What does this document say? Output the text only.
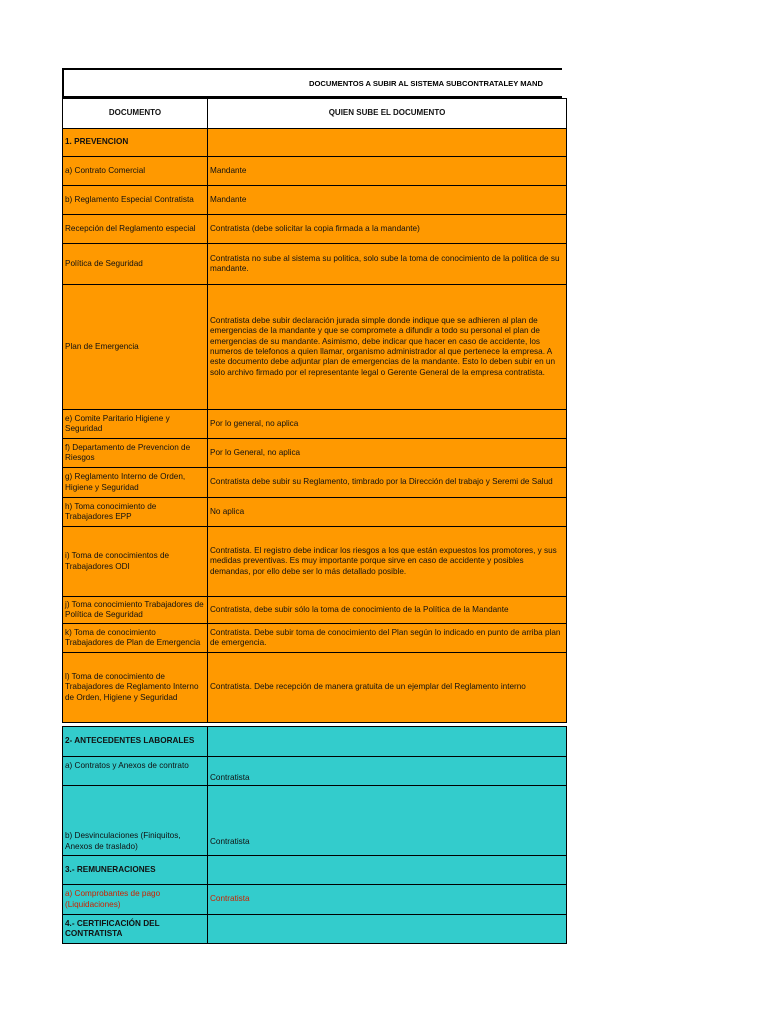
DOCUMENTOS A SUBIR AL SISTEMA SUBCONTRATALEY MAND
DOCUMENTO	QUIEN SUBE EL DOCUMENTO
1. PREVENCION	
a) Contrato Comercial	Mandante
b) Reglamento Especial Contratista	Mandante
Recepción del Reglamento especial	Contratista (debe solicitar la copia firmada a la mandante)
Política de Seguridad	Contratista no sube al sistema su politica, solo sube la toma de conocimiento de la politica de su mandante.
Plan de Emergencia	Contratista debe subir declaración jurada simple donde indique que se adhieren al plan de emergencias de la mandante y que se compromete a difundir a todo su personal el plan de emergencias de su mandante. Asimismo, debe indicar que hacer en caso de accidente, los numeros de telefonos a quien llamar, organismo administrador al que pertenece la empresa. A este documento debe adjuntar plan de emergencias de la mandante. Esto lo deben subir en un solo archivo firmado por el representante legal o Gerente General de la empresa contratista.
e) Comite Paritario Higiene y Seguridad	Por lo general, no aplica
f) Departamento de Prevencion de Riesgos	Por lo General, no aplica
g) Reglamento Interno de Orden, Higiene y Seguridad	Contratista debe subir su Reglamento, timbrado por la Dirección del trabajo y Seremi de Salud
h) Toma conocimiento de Trabajadores EPP	No aplica
i) Toma de conocimientos de Trabajadores ODI	Contratista. El registro debe indicar los riesgos a los que están expuestos los promotores, y sus medidas preventivas. Es muy importante porque sirve en caso de accidente y posibles demandas, por ello debe ser lo más detallado posible.
j) Toma conocimiento Trabajadores de Política de Seguridad	Contratista, debe subir sólo la toma de conocimiento de la Política de la Mandante
k) Toma de conocimiento Trabajadores de Plan de Emergencia	Contratista. Debe subir toma de conocimiento del Plan según lo indicado en punto de arriba plan de emergencia.
l) Toma de conocimiento de Trabajadores de Reglamento Interno de Orden, Higiene y Seguridad	Contratista. Debe recepción de manera gratuita de un ejemplar del Reglamento interno

2- ANTECEDENTES LABORALES	
a) Contratos y Anexos de contrato	Contratista
b) Desvinculaciones (Finiquitos, Anexos de traslado)	Contratista
3.- REMUNERACIONES	
a) Comprobantes de pago (Liquidaciones)	Contratista
4.- CERTIFICACIÓN DEL CONTRATISTA	
